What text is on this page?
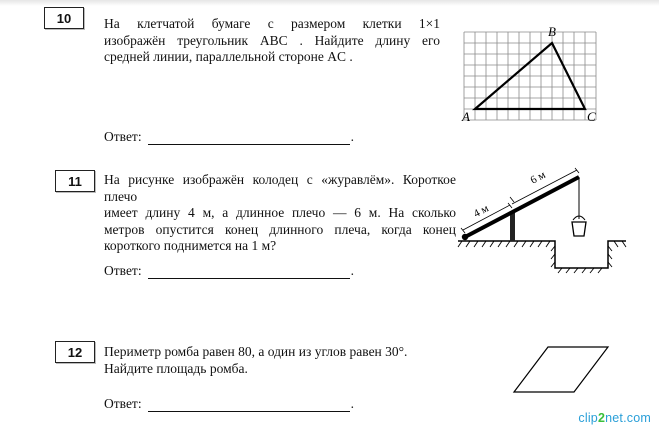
10 На клетчатой бумаге с размером клетки 1×1
изображён треугольник ABC . Найдите длину его
средней линии, параллельной стороне AC .
A
B
C
Ответ:	.
11 На рисунке изображён колодец с «журавлём». Короткое плечо
имеет длину 4 м, а длинное плечо — 6 м. На сколько
метров опустится конец длинного плеча, когда конец
короткого поднимется на 1 м?
4 м
6 м
Ответ:	.
12 Периметр ромба равен 80, а один из углов равен 30°.
Найдите площадь ромба.
Ответ:	.
clip2net.com
